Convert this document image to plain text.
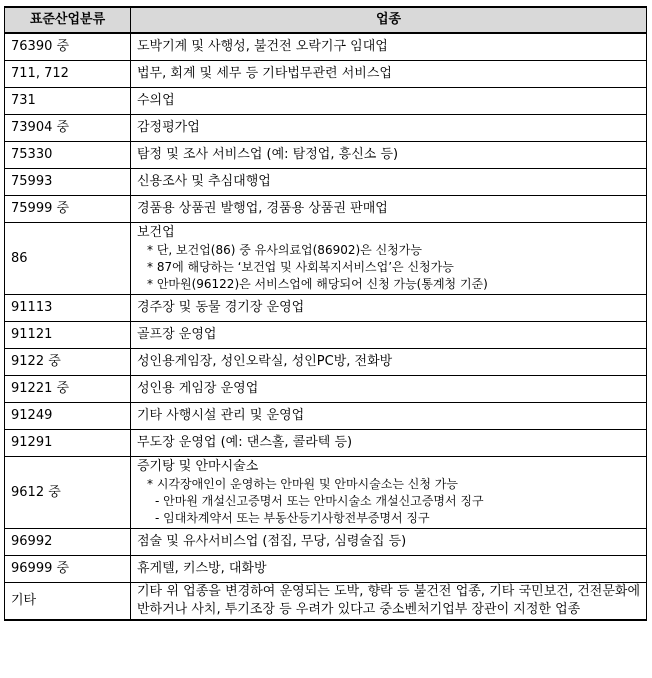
표준산업분류	업종
76390 중	도박기계 및 사행성, 불건전 오락기구 임대업
711, 712	법무, 회계 및 세무 등 기타법무관련 서비스업
731	수의업
73904 중	감정평가업
75330	탐정 및 조사 서비스업 (예: 탐정업, 흥신소 등)
75993	신용조사 및 추심대행업
75999 중	경품용 상품권 발행업, 경품용 상품권 판매업
86	보건업
* 단, 보건업(86) 중 유사의료업(86902)은 신청가능
* 87에 해당하는 ‘보건업 및 사회복지서비스업’은 신청가능
* 안마원(96122)은 서비스업에 해당되어 신청 가능(통계청 기준)

91113	경주장 및 동물 경기장 운영업
91121	골프장 운영업
9122 중	성인용게임장, 성인오락실, 성인PC방, 전화방
91221 중	성인용 게임장 운영업
91249	기타 사행시설 관리 및 운영업
91291	무도장 운영업 (예: 댄스홀, 콜라텍 등)
9612 중	증기탕 및 안마시술소
* 시각장애인이 운영하는 안마원 및 안마시술소는 신청 가능
- 안마원 개설신고증명서 또는 안마시술소 개설신고증명서 징구
- 임대차계약서 또는 부동산등기사항전부증명서 징구

96992	점술 및 유사서비스업 (점집, 무당, 심령술집 등)
96999 중	휴게텔, 키스방, 대화방
기타	기타 위 업종을 변경하여 운영되는 도박, 향락 등 불건전 업종, 기타 국민보건, 건전문화에 반하거나 사치, 투기조장 등 우려가 있다고 중소벤처기업부 장관이 지정한 업종
